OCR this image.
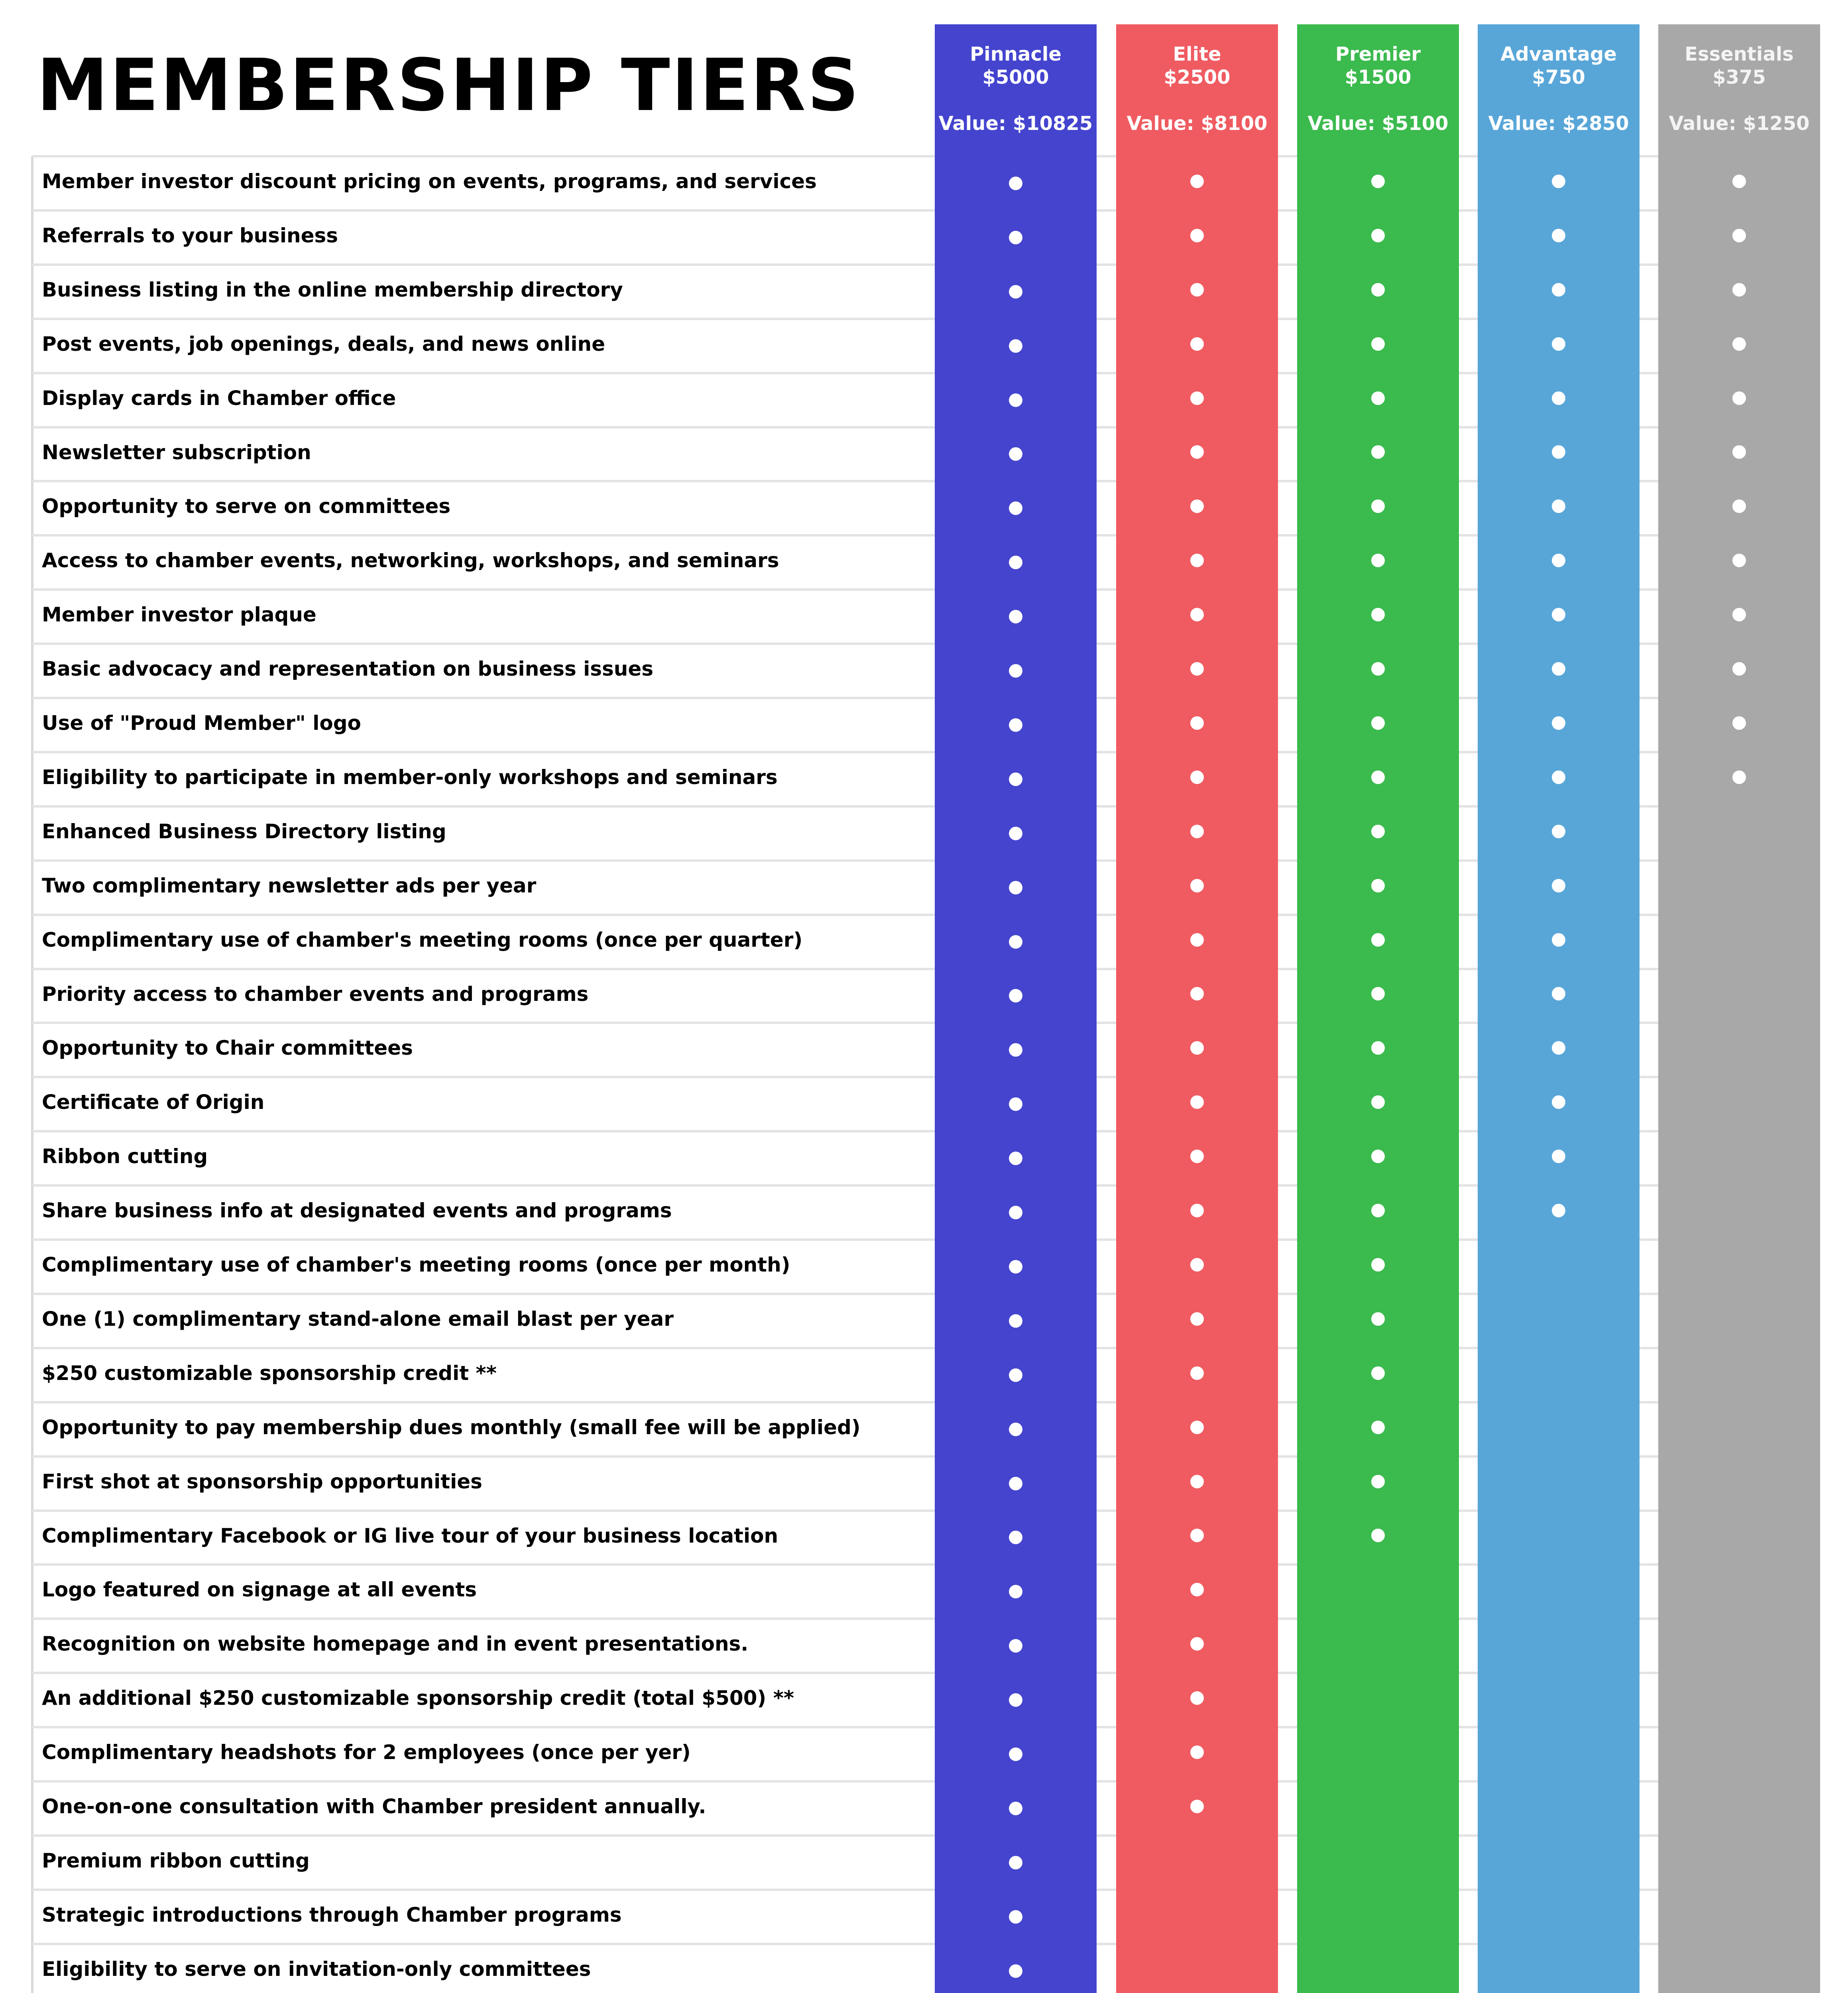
MEMBERSHIP TIERS	Pinnacle
$5000
Value: $10825
Elite
$2500
Value: $8100
Premier
$1500
Value: $5100
Advantage
$750
Value: $2850
Essentials
$375
Value: $1250
Member investor discount pricing on events, programs, and services
Referrals to your business
Business listing in the online membership directory
Post events, job openings, deals, and news online
Display cards in Chamber office
Newsletter subscription
Opportunity to serve on committees
Access to chamber events, networking, workshops, and seminars
Member investor plaque
Basic advocacy and representation on business issues
Use of "Proud Member" logo
Eligibility to participate in member-only workshops and seminars
Enhanced Business Directory listing
Two complimentary newsletter ads per year
Complimentary use of chamber's meeting rooms (once per quarter)
Priority access to chamber events and programs
Opportunity to Chair committees
Certificate of Origin
Ribbon cutting
Share business info at designated events and programs
Complimentary use of chamber's meeting rooms (once per month)
One (1) complimentary stand-alone email blast per year
$250 customizable sponsorship credit **
Opportunity to pay membership dues monthly (small fee will be applied)
First shot at sponsorship opportunities
Complimentary Facebook or IG live tour of your business location
Logo featured on signage at all events
Recognition on website homepage and in event presentations.
An additional $250 customizable sponsorship credit (total $500) **
Complimentary headshots for 2 employees (once per yer)
One-on-one consultation with Chamber president annually.
Premium ribbon cutting
Strategic introductions through Chamber programs
Eligibility to serve on invitation-only committees
